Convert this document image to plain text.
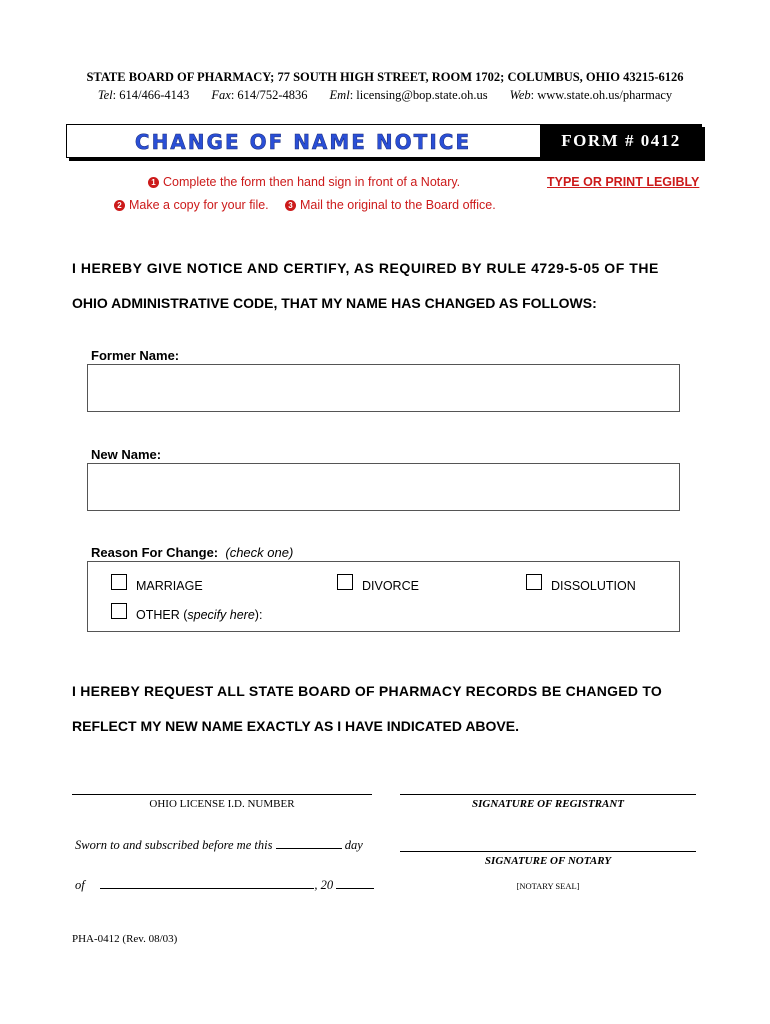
STATE BOARD OF PHARMACY; 77 SOUTH HIGH STREET, ROOM 1702; COLUMBUS, OHIO 43215-6126
Tel: 614/466-4143 Fax: 614/752-4836 Eml: licensing@bop.state.oh.us Web: www.state.oh.us/pharmacy
CHANGE OF NAME NOTICE	FORM # 0412
1 Complete the form then hand sign in front of a Notary.	TYPE OR PRINT LEGIBLY
2 Make a copy for your file.	3 Mail the original to the Board office.
I HEREBY GIVE NOTICE AND CERTIFY, AS REQUIRED BY RULE 4729-5-05 OF THE
OHIO ADMINISTRATIVE CODE, THAT MY NAME HAS CHANGED AS FOLLOWS:
Former Name:
New Name:
Reason For Change: (check one)
MARRIAGE	DIVORCE	DISSOLUTION
OTHER (specify here):
I HEREBY REQUEST ALL STATE BOARD OF PHARMACY RECORDS BE CHANGED TO
REFLECT MY NEW NAME EXACTLY AS I HAVE INDICATED ABOVE.
OHIO LICENSE I.D. NUMBER	SIGNATURE OF REGISTRANT
Sworn to and subscribed before me this	day
SIGNATURE OF NOTARY
of	, 20	[NOTARY SEAL]
PHA-0412 (Rev. 08/03)
